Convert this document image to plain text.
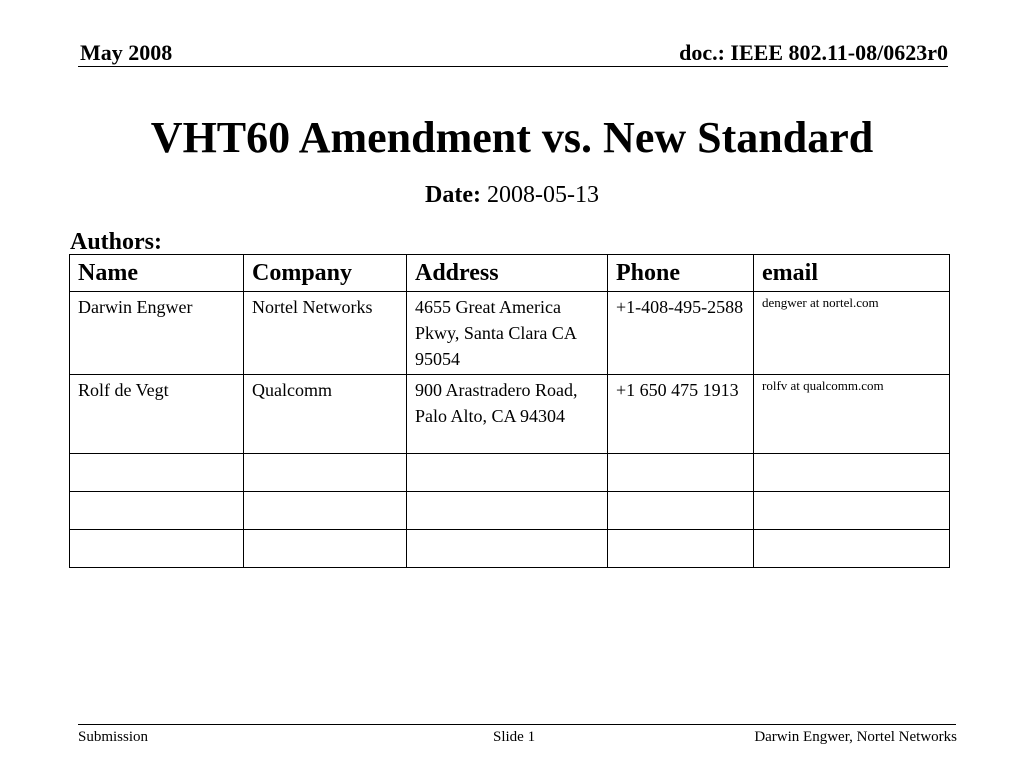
May 2008	doc.: IEEE 802.11-08/0623r0
VHT60 Amendment vs. New Standard
Date: 2008-05-13
Authors:
Name	Company	Address	Phone	email
Darwin Engwer	Nortel Networks	4655 Great America Pkwy, Santa Clara CA 95054	+1-408-495-2588	dengwer at nortel.com
Rolf de Vegt	Qualcomm	900 Arastradero Road, Palo Alto, CA 94304	+1 650 475 1913	rolfv at qualcomm.com

Submission	Slide 1	Darwin Engwer, Nortel Networks
